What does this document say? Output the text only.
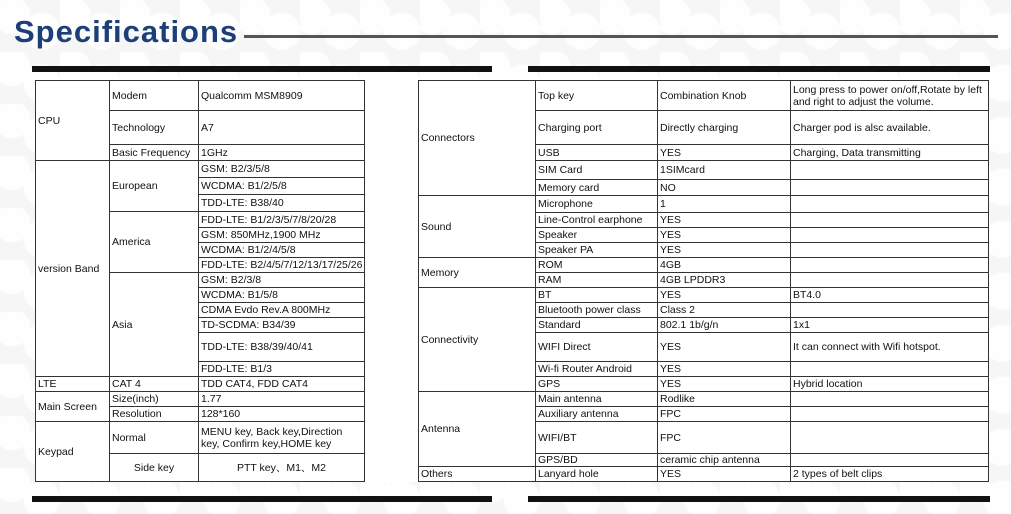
Specifications
CPU	Modem	Qualcomm MSM8909	
	Technology	A7	
	Basic Frequency	1GHz	
version Band	European	GSM: B2/3/5/8	
		WCDMA: B1/2/5/8	
		TDD-LTE: B38/40	
	America	FDD-LTE: B1/2/3/5/7/8/20/28	
		GSM: 850MHz,1900 MHz	
		WCDMA: B1/2/4/5/8	
		FDD-LTE: B2/4/5/7/12/13/17/25/26	
	Asia	GSM: B2/3/8	
		WCDMA: B1/5/8	
		CDMA Evdo Rev.A 800MHz	
		TD-SCDMA: B34/39	
		TDD-LTE: B38/39/40/41	
		FDD-LTE: B1/3	
LTE	CAT 4	TDD CAT4, FDD CAT4	
Main Screen	Size(inch)	1.77	
	Resolution	128*160	
Keypad	Normal	MENU key, Back key,Direction key, Confirm key,HOME key	
	Side key	PTT key、M1、M2	
Connectors	Top key	Combination Knob	Long press to power on/off,Rotate by left and right to adjust the volume.
	Charging port	Directly charging	Charger pod is alsc available.
	USB	YES	Charging, Data transmitting
	SIM Card	1SIMcard	
	Memory card	NO	
Sound	Microphone	1	
	Line-Control earphone	YES	
	Speaker	YES	
	Speaker PA	YES	
Memory	ROM	4GB	
	RAM	4GB LPDDR3	
Connectivity	BT	YES	BT4.0
	Bluetooth power class	Class 2	
	Standard	802.1 1b/g/n	1x1
	WIFI Direct	YES	It can connect with Wifi hotspot.
	Wi-fi Router Android	YES	
	GPS	YES	Hybrid location
Antenna	Main antenna	Rodlike	
	Auxiliary antenna	FPC	
	WIFI/BT	FPC	
	GPS/BD	ceramic chip antenna	
Others	Lanyard hole	YES	2 types of belt clips
